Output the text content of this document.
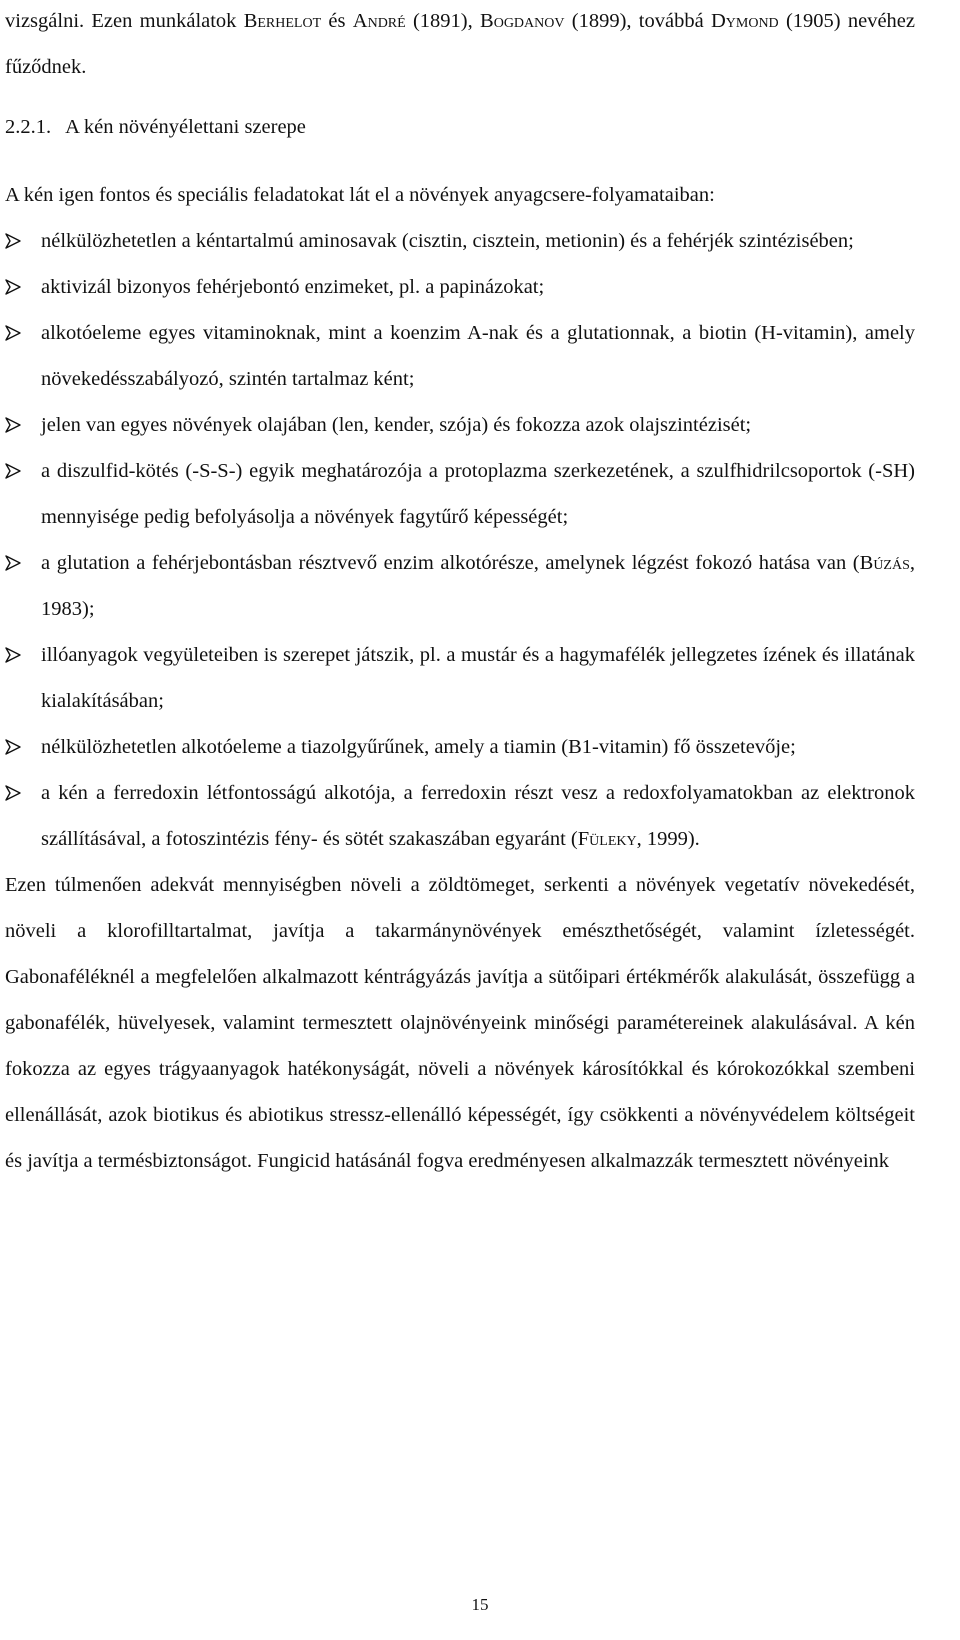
vizsgálni. Ezen munkálatok Berhelot és André (1891), Bogdanov (1899), továbbá Dymond (1905) nevéhez fűződnek.

2.2.1. A kén növényélettani szerepe

A kén igen fontos és speciális feladatokat lát el a növények anyagcsere-folyamataiban:

nélkülözhetetlen a kéntartalmú aminosavak (cisztin, cisztein, metionin) és a fehérjék szintézisében;
aktivizál bizonyos fehérjebontó enzimeket, pl. a papinázokat;
alkotóeleme egyes vitaminoknak, mint a koenzim A-nak és a glutationnak, a biotin (H-vitamin), amely növekedésszabályozó, szintén tartalmaz ként;
jelen van egyes növények olajában (len, kender, szója) és fokozza azok olajszintézisét;
a diszulfid-kötés (-S-S-) egyik meghatározója a protoplazma szerkezetének, a szulfhidrilcsoportok (-SH) mennyisége pedig befolyásolja a növények fagytűrő képességét;
a glutation a fehérjebontásban résztvevő enzim alkotórésze, amelynek légzést fokozó hatása van (Búzás, 1983);
illóanyagok vegyületeiben is szerepet játszik, pl. a mustár és a hagymafélék jellegzetes ízének és illatának kialakításában;
nélkülözhetetlen alkotóeleme a tiazolgyűrűnek, amely a tiamin (B1-vitamin) fő összetevője;
a kén a ferredoxin létfontosságú alkotója, a ferredoxin részt vesz a redoxfolyamatokban az elektronok szállításával, a fotoszintézis fény- és sötét szakaszában egyaránt (Füleky, 1999).

Ezen túlmenően adekvát mennyiségben növeli a zöldtömeget, serkenti a növények vegetatív növekedését, növeli a klorofilltartalmat, javítja a takarmánynövények emészthetőségét, valamint ízletességét. Gabonaféléknél a megfelelően alkalmazott kéntrágyázás javítja a sütőipari értékmérők alakulását, összefügg a gabonafélék, hüvelyesek, valamint termesztett olajnövényeink minőségi paramétereinek alakulásával. A kén fokozza az egyes trágyaanyagok hatékonyságát, növeli a növények károsítókkal és kórokozókkal szembeni ellenállását, azok biotikus és abiotikus stressz-ellenálló képességét, így csökkenti a növényvédelem költségeit és javítja a termésbiztonságot. Fungicid hatásánál fogva eredményesen alkalmazzák termesztett növényeink

15
